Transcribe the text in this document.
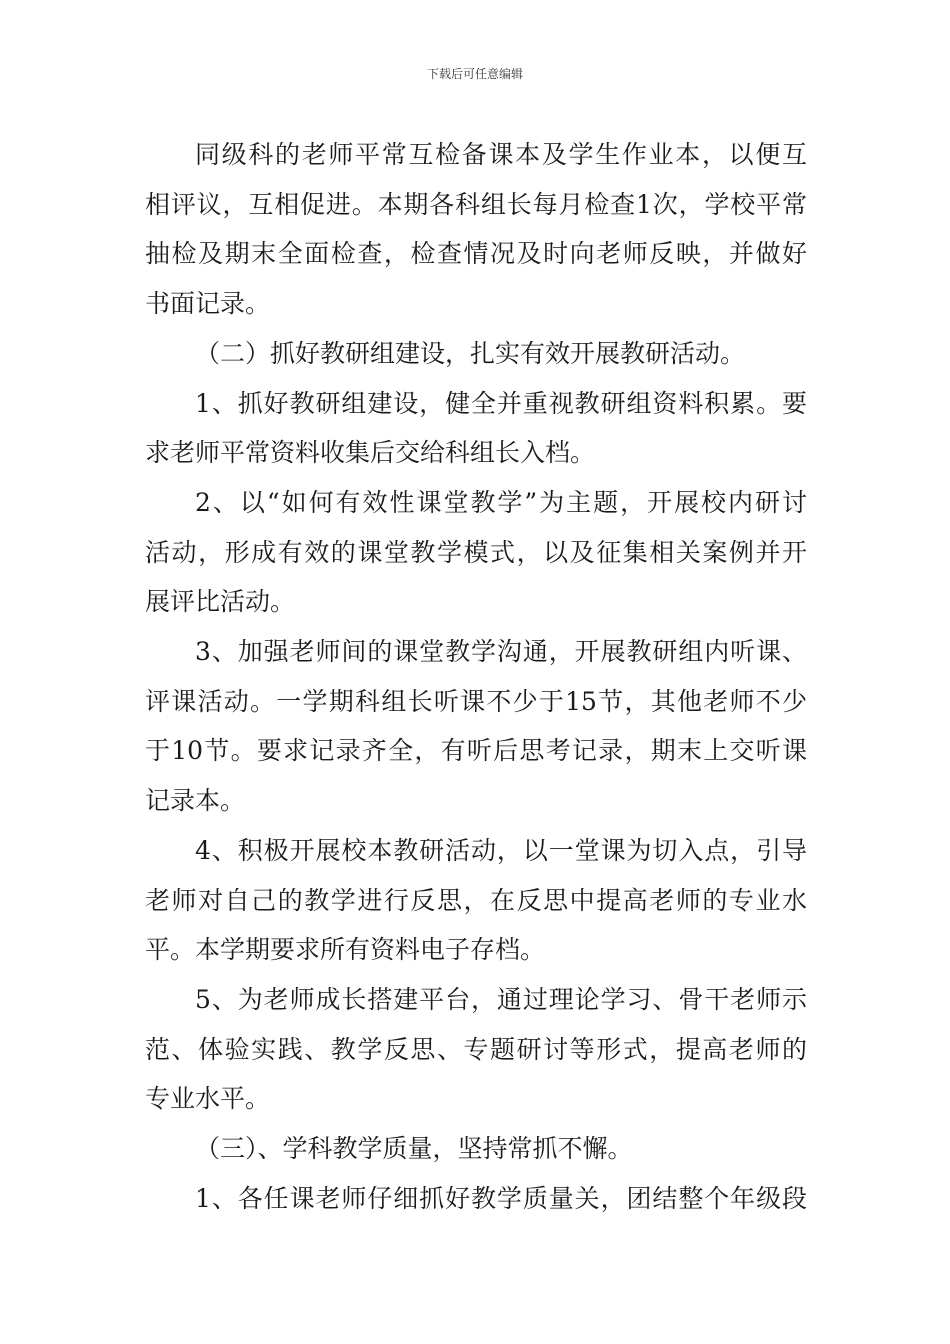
下载后可任意编辑

同级科的老师平常互检备课本及学生作业本，以便互
相评议，互相促进。本期各科组长每月检查1次，学校平常
抽检及期末全面检查，检查情况及时向老师反映，并做好
书面记录。

（二）抓好教研组建设，扎实有效开展教研活动。

1、抓好教研组建设，健全并重视教研组资料积累。要
求老师平常资料收集后交给科组长入档。

2、以“如何有效性课堂教学”为主题，开展校内研讨
活动，形成有效的课堂教学模式，以及征集相关案例并开
展评比活动。

3、加强老师间的课堂教学沟通，开展教研组内听课、
评课活动。一学期科组长听课不少于15节，其他老师不少
于10节。要求记录齐全，有听后思考记录，期末上交听课
记录本。

4、积极开展校本教研活动，以一堂课为切入点，引导
老师对自己的教学进行反思，在反思中提高老师的专业水
平。本学期要求所有资料电子存档。

5、为老师成长搭建平台，通过理论学习、骨干老师示
范、体验实践、教学反思、专题研讨等形式，提高老师的
专业水平。

（三）、学科教学质量，坚持常抓不懈。

1、各任课老师仔细抓好教学质量关，团结整个年级段
